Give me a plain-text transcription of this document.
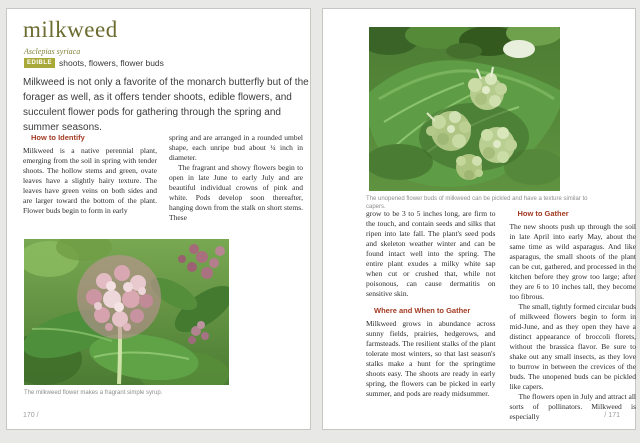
milkweed
Asclepias syriaca
EDIBLE shoots, flowers, flower buds
Milkweed is not only a favorite of the monarch butterfly but of the forager as well, as it offers tender shoots, edible flowers, and succulent flower pods for gathering through the spring and summer seasons.
How to Identify

Milkweed is a native perennial plant, emerging from the soil in spring with tender shoots. The hollow stems and green, ovate leaves have a slightly hairy texture. The leaves have green veins on both sides and are larger toward the bottom of the plant. Flower buds begin to form in early

spring and are arranged in a rounded umbel shape, each unripe bud about ¼ inch in diameter.

The fragrant and showy flowers begin to open in late June to early July and are beautiful individual crowns of pink and white. Pods develop soon thereafter, hanging down from the stalk on short stems. These

The milkweed flower makes a fragrant simple syrup.
170 /
The unopened flower buds of milkweed can be pickled and have a texture similar to capers.

grow to be 3 to 5 inches long, are firm to the touch, and contain seeds and silks that ripen into late fall. The plant's seed pods and skeleton weather winter and can be found intact well into the spring. The entire plant exudes a milky white sap when cut or crushed that, while not poisonous, can cause dermatitis on sensitive skin.

Where and When to Gather

Milkweed grows in abundance across sunny fields, prairies, hedgerows, and farmsteads. The resilient stalks of the plant tolerate most winters, so that last season's stalks make a hunt for the springtime shoots easy. The shoots are ready in early spring, the flowers can be picked in early summer, and pods are ready midsummer.

How to Gather

The new shoots push up through the soil in late April into early May, about the same time as wild asparagus. And like asparagus, the small shoots of the plant can be cut, gathered, and processed in the kitchen before they grow too large; after they are 6 to 10 inches tall, they become too fibrous.

The small, tightly formed circular buds of milkweed flowers begin to form in mid-June, and as they open they have a distinct appearance of broccoli florets, without the brassica flavor. Be sure to shake out any small insects, as they love to burrow in between the crevices of the buds. The unopened buds can be pickled like capers.

The flowers open in July and attract all sorts of pollinators. Milkweed is especially	/ 171
